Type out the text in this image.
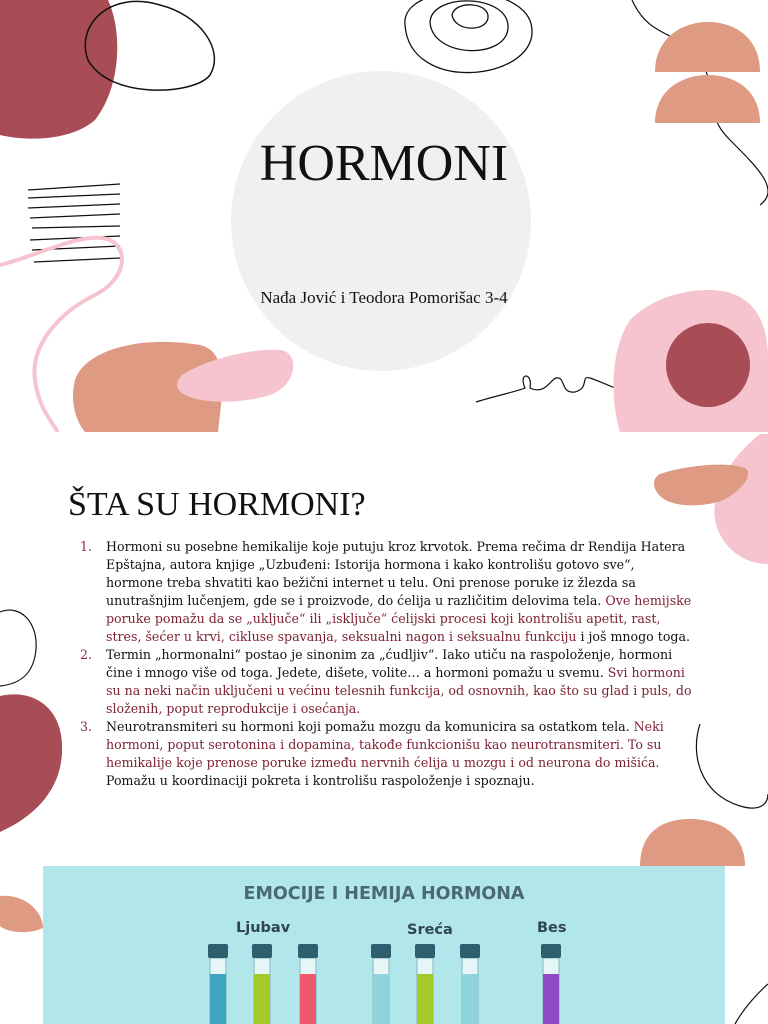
HORMONI
Nađa Jović i Teodora Pomorišac 3-4
ŠTA SU HORMONI?
1. Hormoni su posebne hemikalije koje putuju kroz krvotok. Prema rečima dr Rendija Hatera Epštajna, autora knjige „Uzbuđeni: Istorija hormona i kako kontrolišu gotovo sve“, hormone treba shvatiti kao bežični internet u telu. Oni prenose poruke iz žlezda sa unutrašnjim lučenjem, gde se i proizvode, do ćelija u različitim delovima tela. Ove hemijske poruke pomažu da se „uključe“ ili „isključe“ ćelijski procesi koji kontrolišu apetit, rast, stres, šećer u krvi, cikluse spavanja, seksualni nagon i seksualnu funkciju i još mnogo toga.
2. Termin „hormonalni“ postao je sinonim za „ćudljiv“. Iako utiču na raspoloženje, hormoni čine i mnogo više od toga. Jedete, dišete, volite… a hormoni pomažu u svemu. Svi hormoni su na neki način uključeni u većinu telesnih funkcija, od osnovnih, kao što su glad i puls, do složenih, poput reprodukcije i osećanja.
3. Neurotransmiteri su hormoni koji pomažu mozgu da komunicira sa ostatkom tela. Neki hormoni, poput serotonina i dopamina, takođe funkcionišu kao neurotransmiteri. To su hemikalije koje prenose poruke između nervnih ćelija u mozgu i od neurona do mišića. Pomažu u koordinaciji pokreta i kontrolišu raspoloženje i spoznaju.
EMOCIJE I HEMIJA HORMONA
Ljubav	Sreća	Bes
